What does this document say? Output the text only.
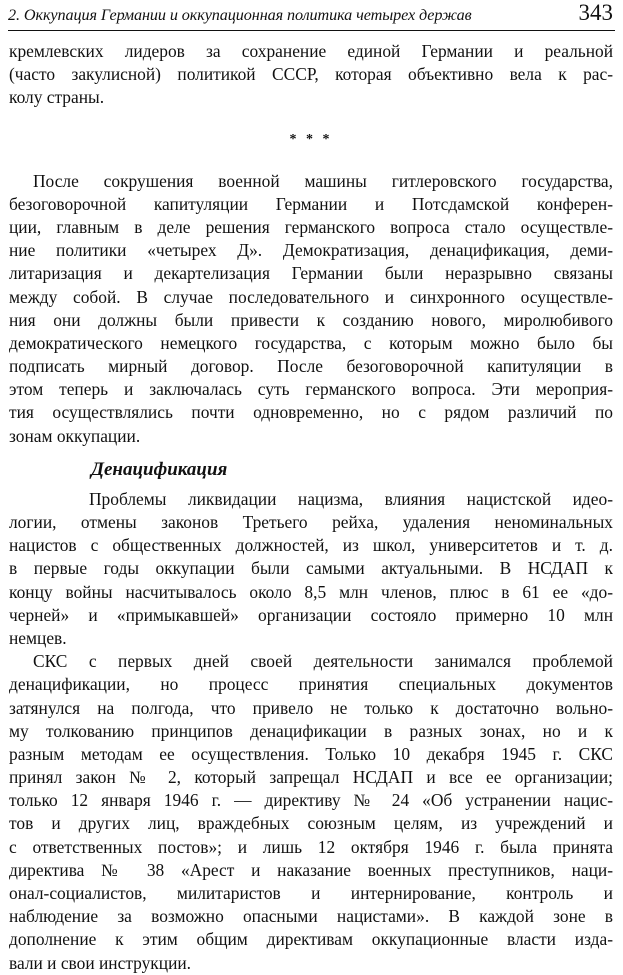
2. Оккупация Германии и оккупационная политика четырех держав	343
кремлевских лидеров за сохранение единой Германии и реальной
(часто закулисной) политикой СССР, которая объективно вела к рас-
колу страны.
* * *
После сокрушения военной машины гитлеровского государства,
безоговорочной капитуляции Германии и Потсдамской конферен-
ции, главным в деле решения германского вопроса стало осуществле-
ние политики «четырех Д». Демократизация, денацификация, деми-
литаризация и декартелизация Германии были неразрывно связаны
между собой. В случае последовательного и синхронного осуществле-
ния они должны были привести к созданию нового, миролюбивого
демократического немецкого государства, с которым можно было бы
подписать мирный договор. После безоговорочной капитуляции в
этом теперь и заключалась суть германского вопроса. Эти мероприя-
тия осуществлялись почти одновременно, но с рядом различий по
зонам оккупации.
Денацификация
Проблемы ликвидации нацизма, влияния нацистской идео-
логии, отмены законов Третьего рейха, удаления неноминальных
нацистов с общественных должностей, из школ, университетов и т. д.
в первые годы оккупации были самыми актуальными. В НСДАП к
концу войны насчитывалось около 8,5 млн членов, плюс в 61 ее «до-
черней» и «примыкавшей» организации состояло примерно 10 млн
немцев.
СКС с первых дней своей деятельности занимался проблемой
денацификации, но процесс принятия специальных документов
затянулся на полгода, что привело не только к достаточно вольно-
му толкованию принципов денацификации в разных зонах, но и к
разным методам ее осуществления. Только 10 декабря 1945 г. СКС
принял закон № 2, который запрещал НСДАП и все ее организации;
только 12 января 1946 г. — директиву № 24 «Об устранении нацис-
тов и других лиц, враждебных союзным целям, из учреждений и
с ответственных постов»; и лишь 12 октября 1946 г. была принята
директива № 38 «Арест и наказание военных преступников, наци-
онал-социалистов, милитаристов и интернирование, контроль и
наблюдение за возможно опасными нацистами». В каждой зоне в
дополнение к этим общим директивам оккупационные власти изда-
вали и свои инструкции.
